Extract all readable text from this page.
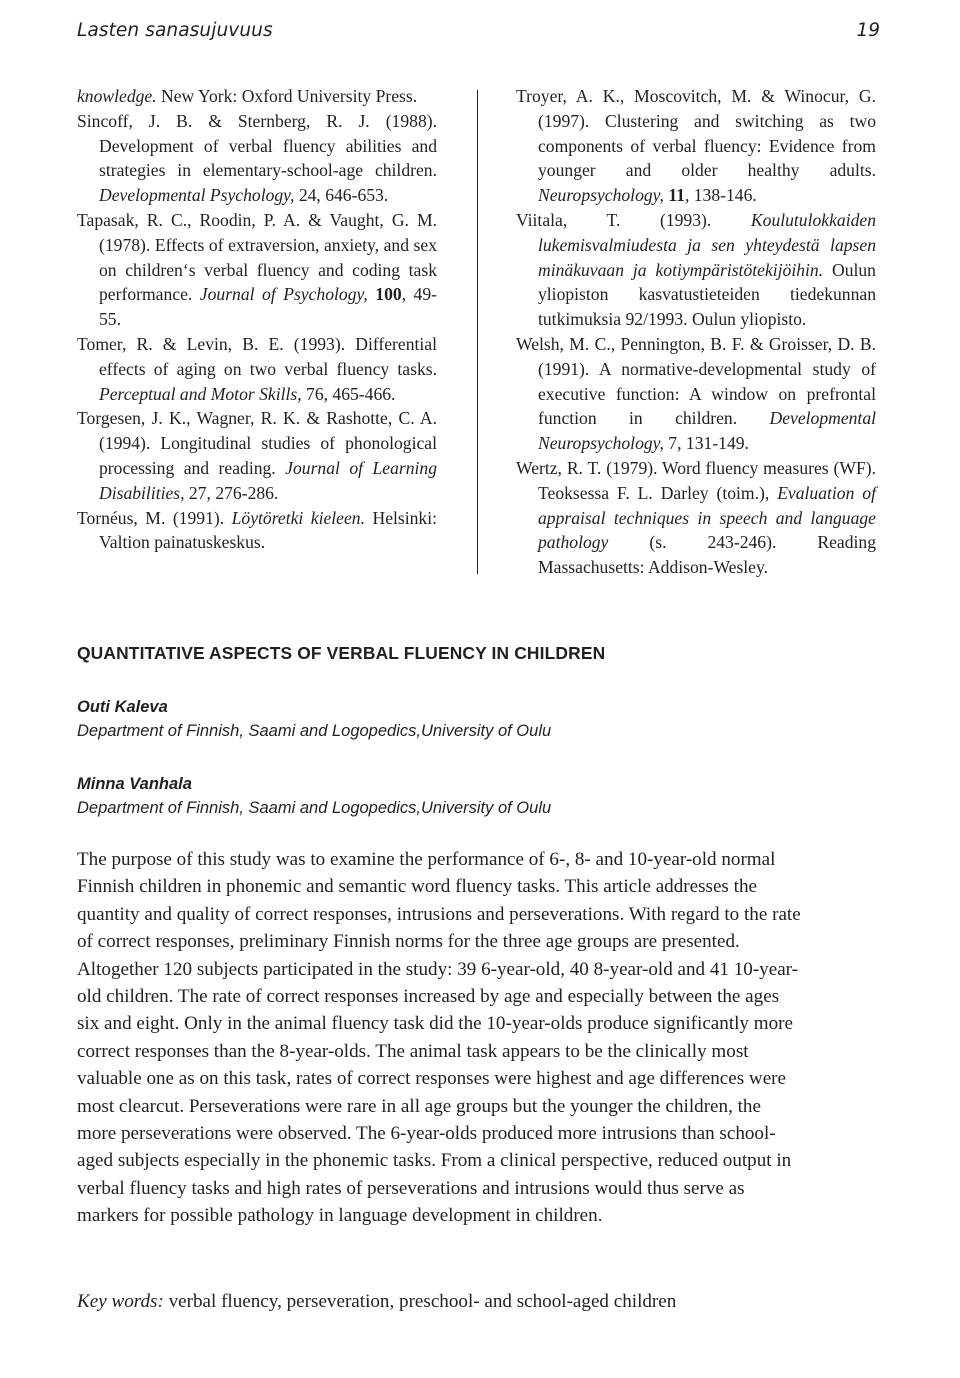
Lasten sanasujuvuus	19

knowledge. New York: Oxford University Press.

Sincoff, J. B. & Sternberg, R. J. (1988). Development of verbal fluency abilities and strategies in elementary-school-age children. Developmental Psychology, 24, 646-653.

Tapasak, R. C., Roodin, P. A. & Vaught, G. M. (1978). Effects of extraversion, anxiety, and sex on children‘s verbal fluency and coding task performance. Journal of Psychology, 100, 49-55.

Tomer, R. & Levin, B. E. (1993). Differential effects of aging on two verbal fluency tasks. Perceptual and Motor Skills, 76, 465-466.

Torgesen, J. K., Wagner, R. K. & Rashotte, C. A. (1994). Longitudinal studies of phonological processing and reading. Journal of Learning Disabilities, 27, 276-286.

Tornéus, M. (1991). Löytöretki kieleen. Helsinki: Valtion painatuskeskus.

Troyer, A. K., Moscovitch, M. & Winocur, G. (1997). Clustering and switching as two components of verbal fluency: Evidence from younger and older healthy adults. Neuropsychology, 11, 138-146.

Viitala, T. (1993). Koulutulokkaiden lukemisvalmiudesta ja sen yhteydestä lapsen minäkuvaan ja kotiympäristötekijöihin. Oulun yliopiston kasvatustieteiden tiedekunnan tutkimuksia 92/1993. Oulun yliopisto.

Welsh, M. C., Pennington, B. F. & Groisser, D. B. (1991). A normative-developmental study of executive function: A window on prefrontal function in children. Developmental Neuropsychology, 7, 131-149.

Wertz, R. T. (1979). Word fluency measures (WF). Teoksessa F. L. Darley (toim.), Evaluation of appraisal techniques in speech and language pathology (s. 243-246). Reading Massachusetts: Addison-Wesley.

QUANTITATIVE ASPECTS OF VERBAL FLUENCY IN CHILDREN
Outi Kaleva
Department of Finnish, Saami and Logopedics,University of Oulu
Minna Vanhala
Department of Finnish, Saami and Logopedics,University of Oulu

The purpose of this study was to examine the performance of 6-, 8- and 10-year-old normal Finnish children in phonemic and semantic word fluency tasks. This article addresses the quantity and quality of correct responses, intrusions and perseverations. With regard to the rate of correct responses, preliminary Finnish norms for the three age groups are presented. Altogether 120 subjects participated in the study: 39 6-year-old, 40 8-year-old and 41 10-year-old children. The rate of correct responses increased by age and especially between the ages six and eight. Only in the animal fluency task did the 10-year-olds produce significantly more correct responses than the 8-year-olds. The animal task appears to be the clinically most valuable one as on this task, rates of correct responses were highest and age differences were most clearcut. Perseverations were rare in all age groups but the younger the children, the more perseverations were observed. The 6-year-olds produced more intrusions than school-aged subjects especially in the phonemic tasks. From a clinical perspective, reduced output in verbal fluency tasks and high rates of perseverations and intrusions would thus serve as markers for possible pathology in language development in children.

Key words: verbal fluency, perseveration, preschool- and school-aged children
